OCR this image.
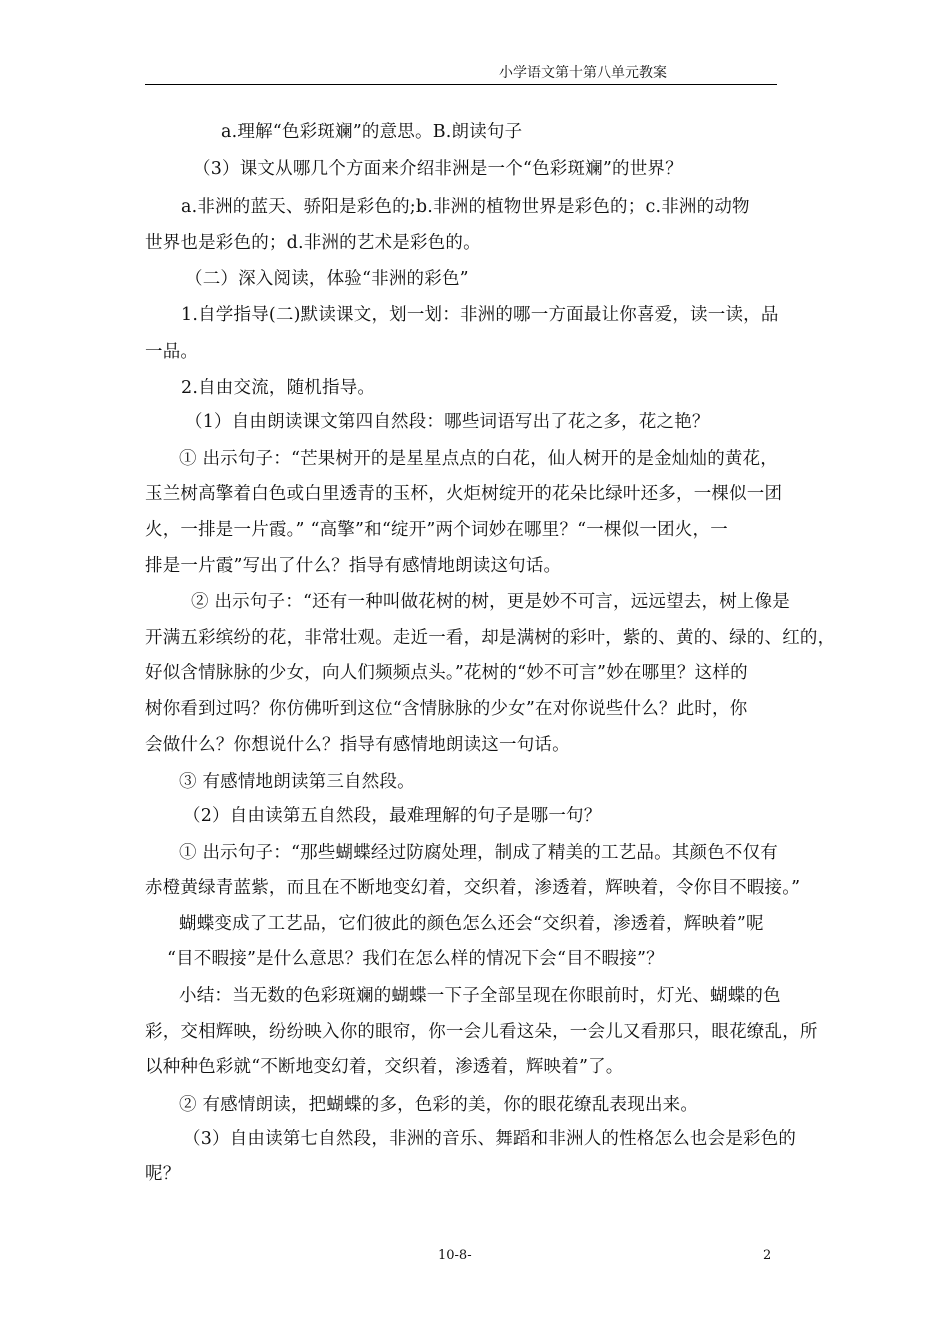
小学语文第十第八单元教案
a.理解“色彩斑斓”的意思。B.朗读句子
（3）课文从哪几个方面来介绍非洲是一个“色彩斑斓”的世界？
a.非洲的蓝天、骄阳是彩色的;b.非洲的植物世界是彩色的；c.非洲的动物
世界也是彩色的；d.非洲的艺术是彩色的。
（二）深入阅读，体验“非洲的彩色”
1.自学指导(二)默读课文，划一划：非洲的哪一方面最让你喜爱，读一读，品
一品。
2.自由交流，随机指导。
（1）自由朗读课文第四自然段：哪些词语写出了花之多，花之艳？
① 出示句子：“芒果树开的是星星点点的白花，仙人树开的是金灿灿的黄花，
玉兰树高擎着白色或白里透青的玉杯，火炬树绽开的花朵比绿叶还多，一棵似一团
火，一排是一片霞。” “高擎”和“绽开”两个词妙在哪里？“一棵似一团火，一
排是一片霞”写出了什么？指导有感情地朗读这句话。
② 出示句子：“还有一种叫做花树的树，更是妙不可言，远远望去，树上像是
开满五彩缤纷的花，非常壮观。走近一看，却是满树的彩叶，紫的、黄的、绿的、红的，
好似含情脉脉的少女，向人们频频点头。”花树的“妙不可言”妙在哪里？这样的
树你看到过吗？你仿佛听到这位“含情脉脉的少女”在对你说些什么？此时，你
会做什么？你想说什么？指导有感情地朗读这一句话。
③ 有感情地朗读第三自然段。
（2）自由读第五自然段，最难理解的句子是哪一句？
① 出示句子：“那些蝴蝶经过防腐处理，制成了精美的工艺品。其颜色不仅有
赤橙黄绿青蓝紫，而且在不断地变幻着，交织着，渗透着，辉映着，令你目不暇接。”
蝴蝶变成了工艺品，它们彼此的颜色怎么还会“交织着，渗透着，辉映着”呢
“目不暇接”是什么意思？我们在怎么样的情况下会“目不暇接”？
小结：当无数的色彩斑斓的蝴蝶一下子全部呈现在你眼前时，灯光、蝴蝶的色
彩，交相辉映，纷纷映入你的眼帘，你一会儿看这朵，一会儿又看那只，眼花缭乱，所
以种种色彩就“不断地变幻着，交织着，渗透着，辉映着”了。
② 有感情朗读，把蝴蝶的多，色彩的美，你的眼花缭乱表现出来。
（3）自由读第七自然段，非洲的音乐、舞蹈和非洲人的性格怎么也会是彩色的
呢？
10-8-	2
